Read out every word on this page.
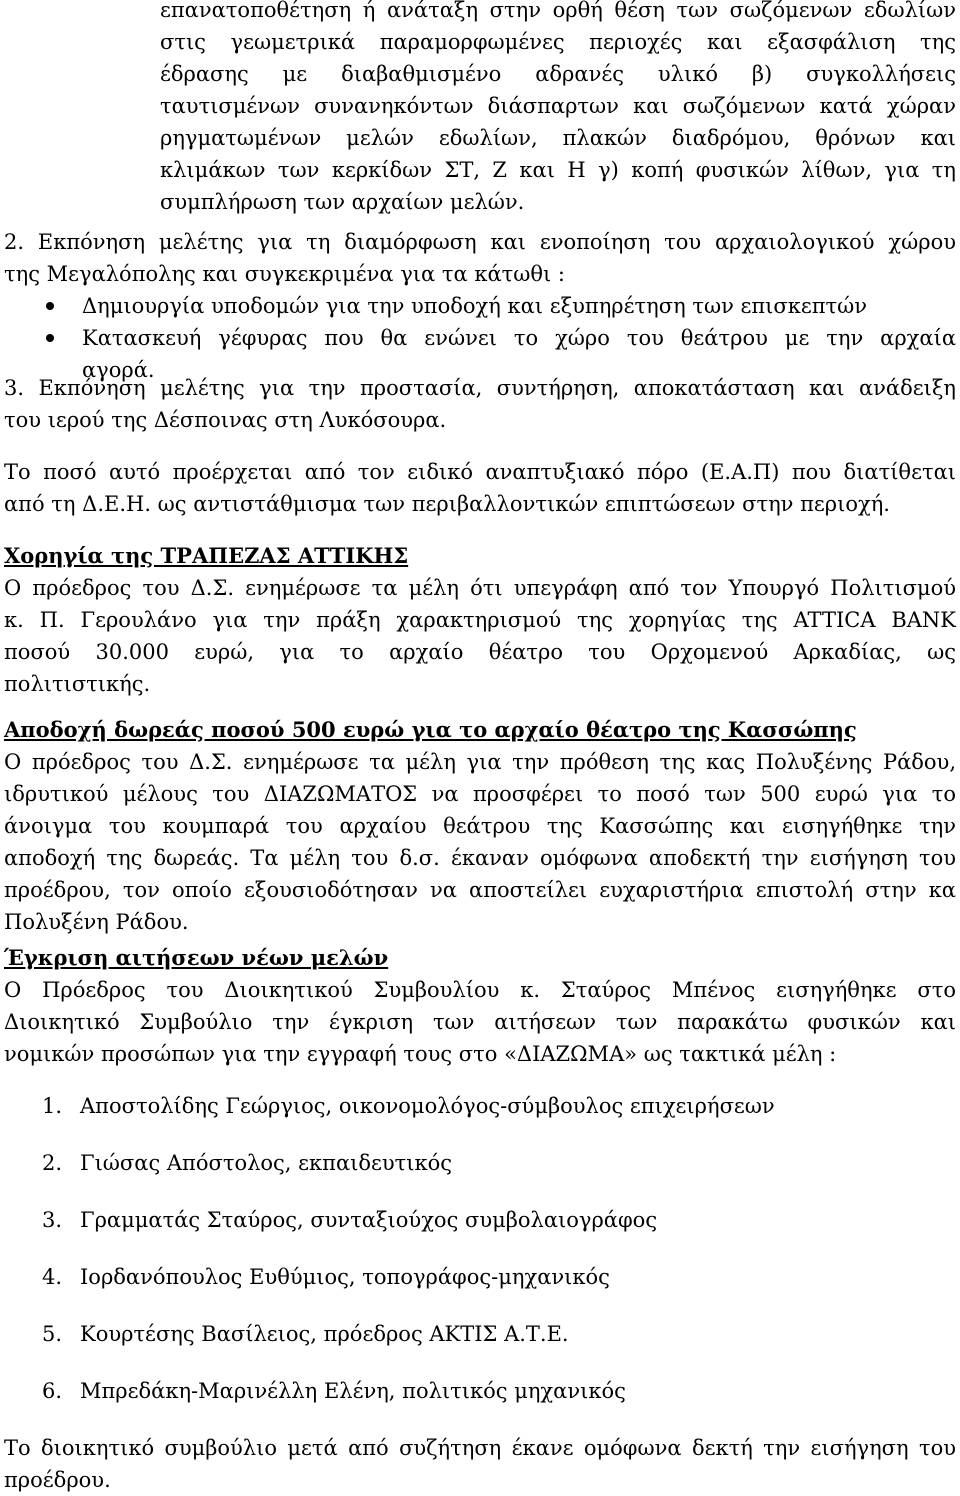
επανατοποθέτηση ή ανάταξη στην ορθή θέση των σωζόμενων εδωλίων
στις γεωμετρικά παραμορφωμένες περιοχές και εξασφάλιση της
έδρασης με διαβαθμισμένο αδρανές υλικό β) συγκολλήσεις
ταυτισμένων συνανηκόντων διάσπαρτων και σωζόμενων κατά χώραν
ρηγματωμένων μελών εδωλίων, πλακών διαδρόμου, θρόνων και
κλιμάκων των κερκίδων ΣΤ, Ζ και Η γ) κοπή φυσικών λίθων, για τη
συμπλήρωση των αρχαίων μελών.
2. Εκπόνηση μελέτης για τη διαμόρφωση και ενοποίηση του αρχαιολογικού χώρου
της Μεγαλόπολης και συγκεκριμένα για τα κάτωθι :
Δημιουργία υποδομών για την υποδοχή και εξυπηρέτηση των επισκεπτών
Κατασκευή γέφυρας που θα ενώνει το χώρο του θεάτρου με την αρχαία
αγορά.
3. Εκπόνηση μελέτης για την προστασία, συντήρηση, αποκατάσταση και ανάδειξη
του ιερού της Δέσποινας στη Λυκόσουρα.
Το ποσό αυτό προέρχεται από τον ειδικό αναπτυξιακό πόρο (Ε.Α.Π) που διατίθεται
από τη Δ.Ε.Η. ως αντιστάθμισμα των περιβαλλοντικών επιπτώσεων στην περιοχή.
Χορηγία της ΤΡΑΠΕΖΑΣ ΑΤΤΙΚΗΣ
Ο πρόεδρος του Δ.Σ. ενημέρωσε τα μέλη ότι υπεγράφη από τον Υπουργό Πολιτισμού
κ. Π. Γερουλάνο για την πράξη χαρακτηρισμού της χορηγίας της ATTICA BANK
ποσού 30.000 ευρώ, για το αρχαίο θέατρο του Ορχομενού Αρκαδίας, ως
πολιτιστικής.
Αποδοχή δωρεάς ποσού 500 ευρώ για το αρχαίο θέατρο της Κασσώπης
Ο πρόεδρος του Δ.Σ. ενημέρωσε τα μέλη για την πρόθεση της κας Πολυξένης Ράδου,
ιδρυτικού μέλους του ΔΙΑΖΩΜΑΤΟΣ να προσφέρει το ποσό των 500 ευρώ για το
άνοιγμα του κουμπαρά του αρχαίου θεάτρου της Κασσώπης και εισηγήθηκε την
αποδοχή της δωρεάς. Τα μέλη του δ.σ. έκαναν ομόφωνα αποδεκτή την εισήγηση του
προέδρου, τον οποίο εξουσιοδότησαν να αποστείλει ευχαριστήρια επιστολή στην κα
Πολυξένη Ράδου.
Έγκριση αιτήσεων νέων μελών
Ο Πρόεδρος του Διοικητικού Συμβουλίου κ. Σταύρος Μπένος εισηγήθηκε στο
Διοικητικό Συμβούλιο την έγκριση των αιτήσεων των παρακάτω φυσικών και
νομικών προσώπων για την εγγραφή τους στο «ΔΙΑΖΩΜΑ» ως τακτικά μέλη :
1. Αποστολίδης Γεώργιος, οικονομολόγος-σύμβουλος επιχειρήσεων
2. Γιώσας Απόστολος, εκπαιδευτικός
3. Γραμματάς Σταύρος, συνταξιούχος συμβολαιογράφος
4. Ιορδανόπουλος Ευθύμιος, τοπογράφος-μηχανικός
5. Κουρτέσης Βασίλειος, πρόεδρος ΑΚΤΙΣ Α.Τ.Ε.
6. Μπρεδάκη-Μαρινέλλη Ελένη, πολιτικός μηχανικός
Το διοικητικό συμβούλιο μετά από συζήτηση έκανε ομόφωνα δεκτή την εισήγηση του
προέδρου.
